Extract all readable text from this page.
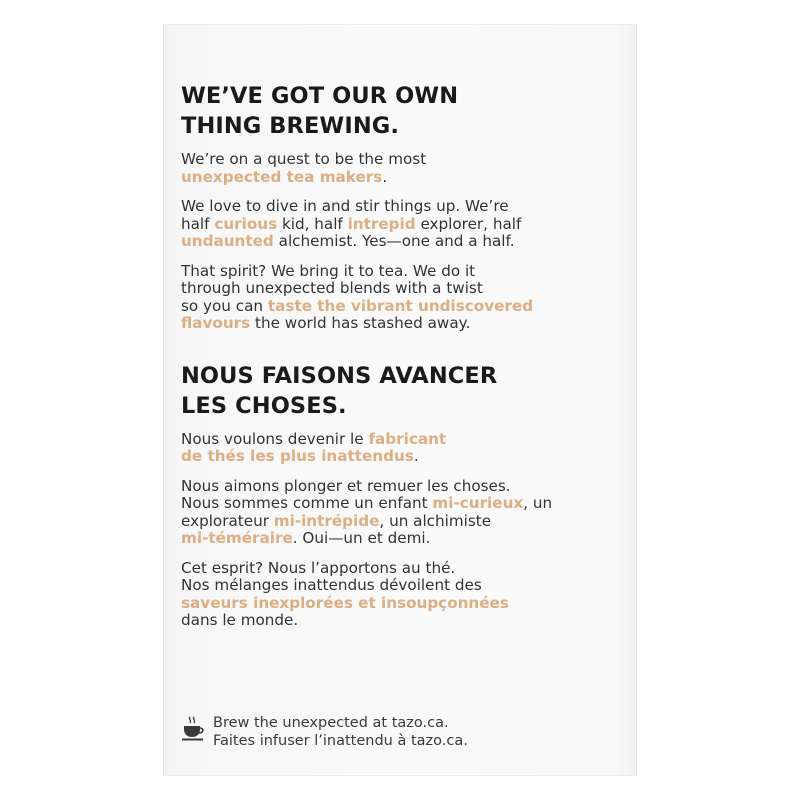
WE’VE GOT OUR OWN
THING BREWING.

We’re on a quest to be the most
unexpected tea makers.

We love to dive in and stir things up. We’re
half curious kid, half intrepid explorer, half
undaunted alchemist. Yes—one and a half.

That spirit? We bring it to tea. We do it
through unexpected blends with a twist
so you can taste the vibrant undiscovered
flavours the world has stashed away.

NOUS FAISONS AVANCER
LES CHOSES.

Nous voulons devenir le fabricant
de thés les plus inattendus.

Nous aimons plonger et remuer les choses.
Nous sommes comme un enfant mi-curieux, un
explorateur mi-intrépide, un alchimiste
mi-téméraire. Oui—un et demi.

Cet esprit? Nous l’apportons au thé.
Nos mélanges inattendus dévoilent des
saveurs inexplorées et insoupçonnées
dans le monde.

Brew the unexpected at tazo.ca.
Faites infuser l’inattendu à tazo.ca.
